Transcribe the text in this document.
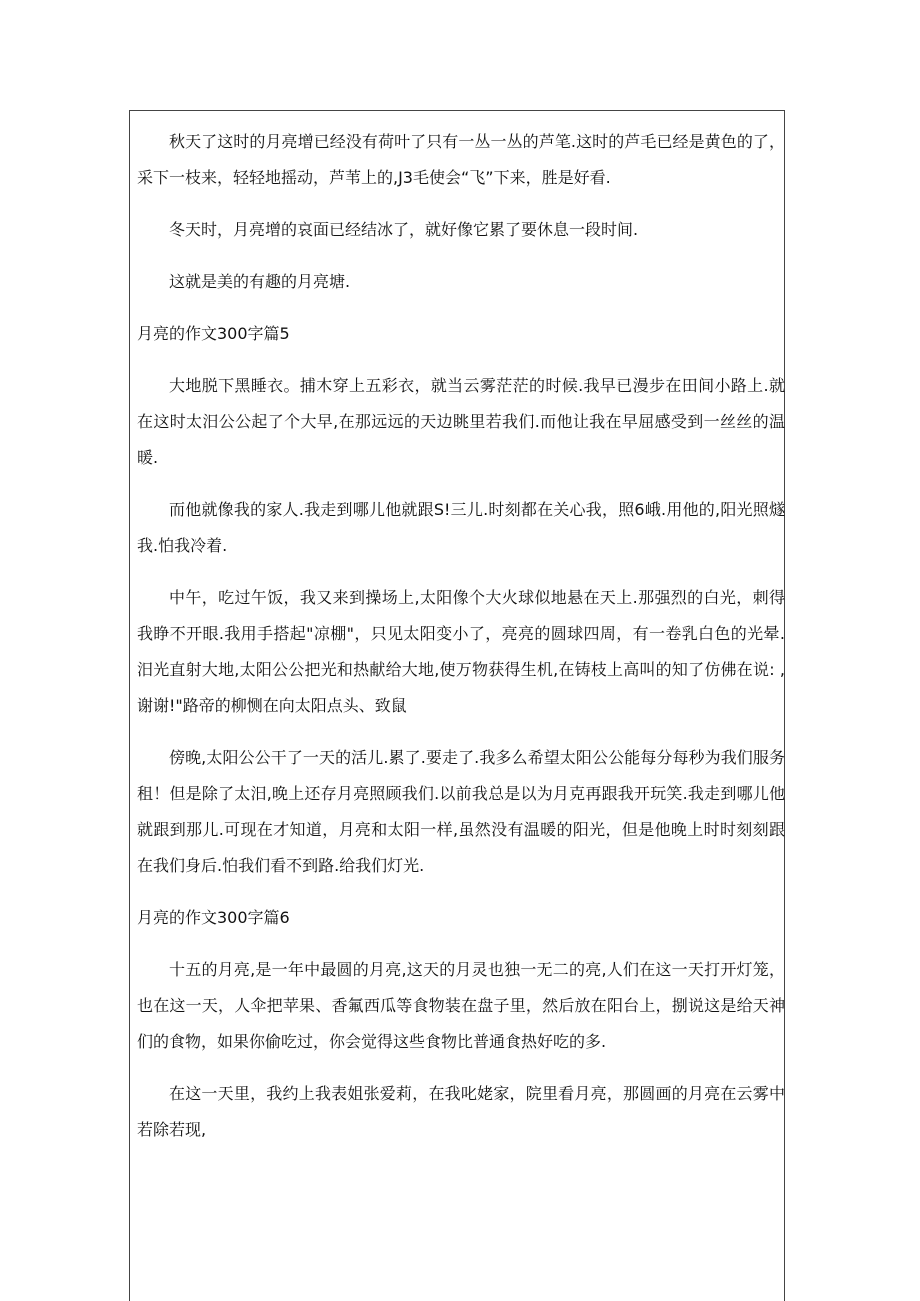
秋天了这时的月亮增已经没有荷叶了只有一丛一丛的芦笔.这时的芦毛已经是黄色的了，采下一枝来，轻轻地摇动，芦苇上的,J3毛使会“飞”下来，胜是好看.

冬天时，月亮增的哀面已经结冰了，就好像它累了要休息一段时间.

这就是美的有趣的月亮塘.

月亮的作文300字篇5

大地脱下黑睡衣。捕木穿上五彩衣，就当云雾茫茫的时候.我早已漫步在田间小路上.就在这时太汨公公起了个大早,在那远远的天边眺里若我们.而他让我在早屈感受到一丝丝的温暖.

而他就像我的家人.我走到哪儿他就跟S!三儿.时刻都在关心我，照6峨.用他的,阳光照燧我.怕我冷着.

中午，吃过午饭，我又来到操场上,太阳像个大火球似地悬在天上.那强烈的白光，刺得我睁不开眼.我用手搭起"凉棚"，只见太阳变小了，亮亮的圆球四周，有一卷乳白色的光晕.汨光直射大地,太阳公公把光和热献给大地,使万物获得生机,在铸枝上高叫的知了仿佛在说: ,谢谢!"路帝的柳恻在向太阳点头、致鼠

傍晚,太阳公公干了一天的活儿.累了.要走了.我多么希望太阳公公能每分每秒为我们服务租！但是除了太汨,晚上还存月亮照顾我们.以前我总是以为月克再跟我开玩笑.我走到哪儿他就跟到那儿.可现在才知道，月亮和太阳一样,虽然没有温暖的阳光，但是他晚上时时刻刻跟在我们身后.怕我们看不到路.给我们灯光.

月亮的作文300字篇6

十五的月亮,是一年中最圆的月亮,这天的月灵也独一无二的亮,人们在这一天打开灯笼，也在这一天，人伞把苹果、香氟西瓜等食物装在盘子里，然后放在阳台上，捌说这是给天神们的食物，如果你偷吃过，你会觉得这些食物比普通食热好吃的多.

在这一天里，我约上我表姐张爱莉，在我叱姥家，院里看月亮，那圆画的月亮在云雾中若除若现,
